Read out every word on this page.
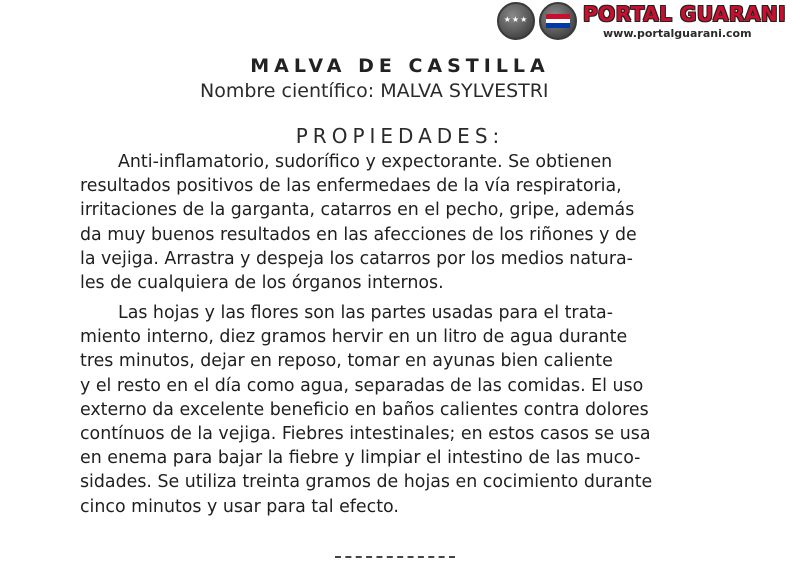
★★★	PORTAL GUARANI
www.portalguarani.com
MALVA DE CASTILLA
Nombre científico: MALVA SYLVESTRI
PROPIEDADES:
Anti-inflamatorio, sudorífico y expectorante. Se obtienen
resultados positivos de las enfermedaes de la vía respiratoria,
irritaciones de la garganta, catarros en el pecho, gripe, además
da muy buenos resultados en las afecciones de los riñones y de
la vejiga. Arrastra y despeja los catarros por los medios natura-
les de cualquiera de los órganos internos.
Las hojas y las flores son las partes usadas para el trata-
miento interno, diez gramos hervir en un litro de agua durante
tres minutos, dejar en reposo, tomar en ayunas bien caliente
y el resto en el día como agua, separadas de las comidas. El uso
externo da excelente beneficio en baños calientes contra dolores
contínuos de la vejiga. Fiebres intestinales; en estos casos se usa
en enema para bajar la fiebre y limpiar el intestino de las muco-
sidades. Se utiliza treinta gramos de hojas en cocimiento durante
cinco minutos y usar para tal efecto.
